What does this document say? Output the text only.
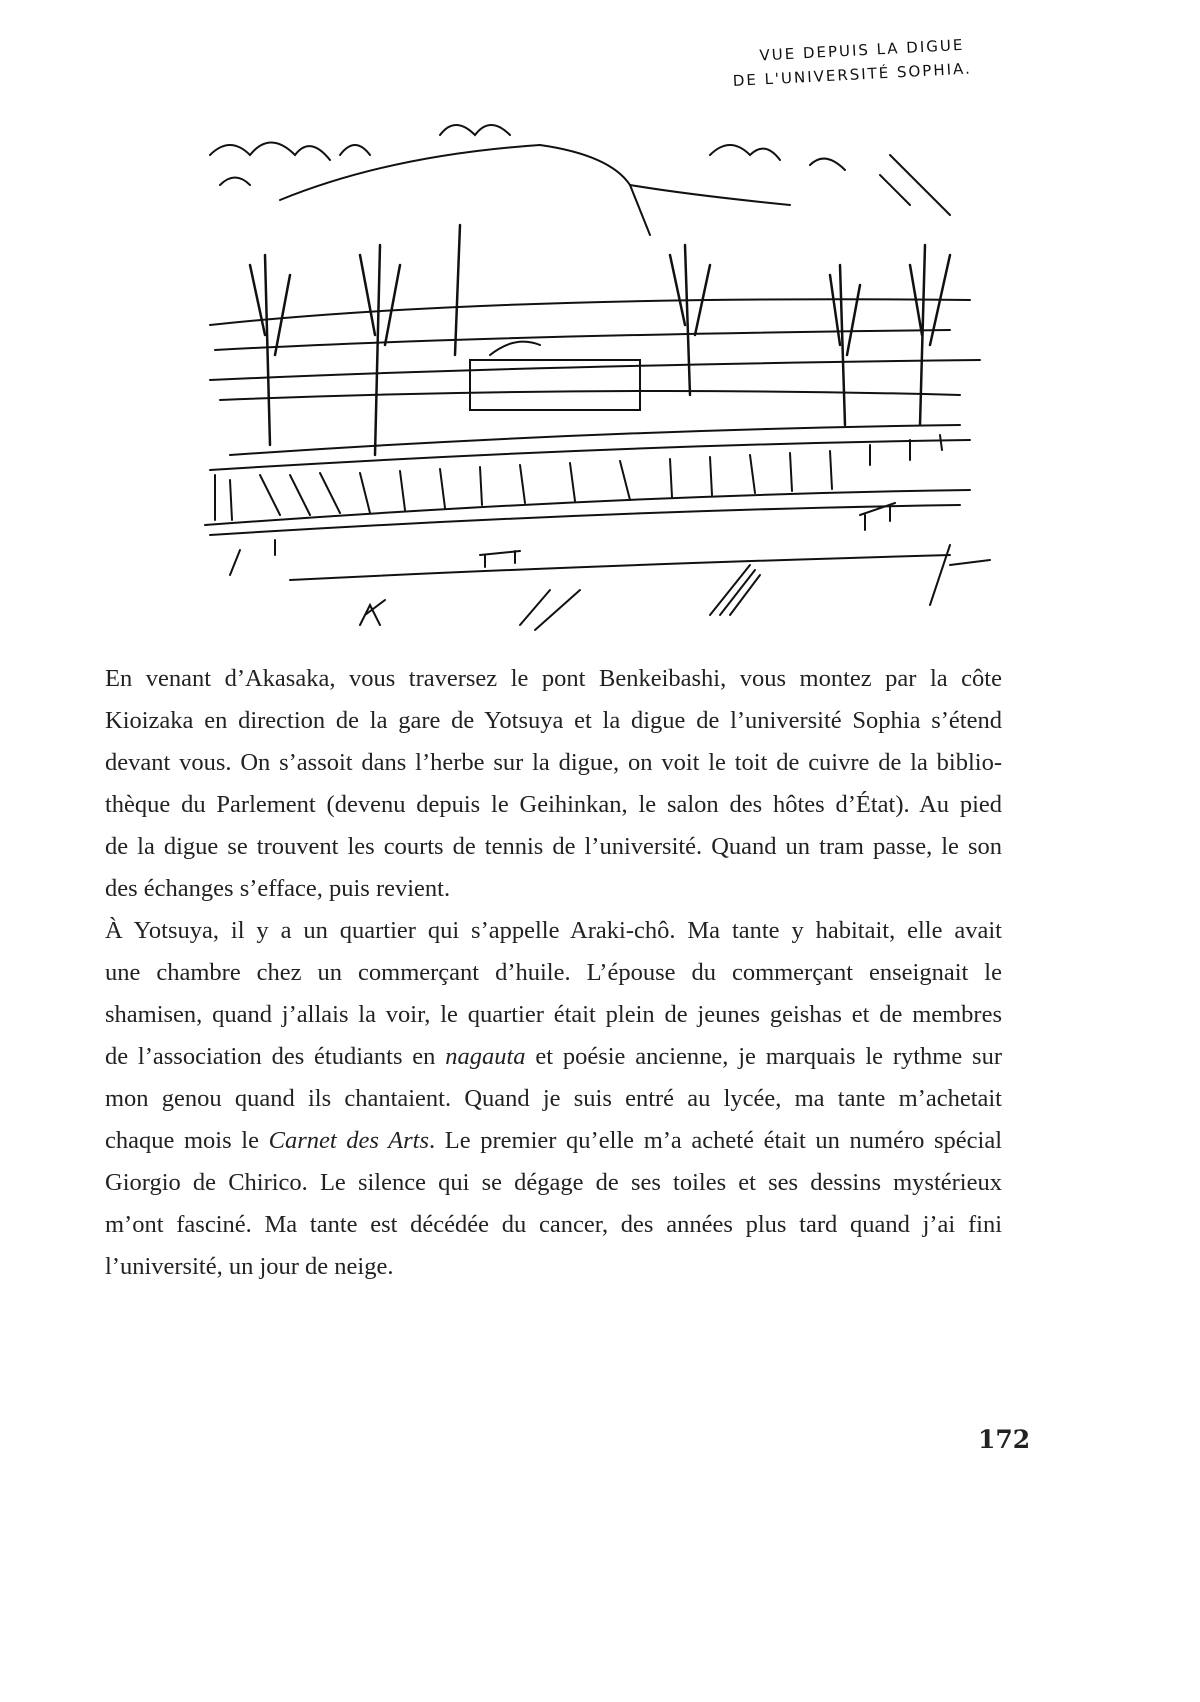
VUE DEPUIS LA DIGUE
DE L'UNIVERSITÉ SOPHIA.
En venant d’Akasaka, vous traversez le pont Benkeibashi, vous montez par la côte
Kioizaka en direction de la gare de Yotsuya et la digue de l’université Sophia s’étend
devant vous. On s’assoit dans l’herbe sur la digue, on voit le toit de cuivre de la biblio-
thèque du Parlement (devenu depuis le Geihinkan, le salon des hôtes d’État). Au pied
de la digue se trouvent les courts de tennis de l’université. Quand un tram passe, le son
des échanges s’efface, puis revient.
À Yotsuya, il y a un quartier qui s’appelle Araki-chô. Ma tante y habitait, elle avait
une chambre chez un commerçant d’huile. L’épouse du commerçant enseignait le
shamisen, quand j’allais la voir, le quartier était plein de jeunes geishas et de membres
de l’association des étudiants en nagauta et poésie ancienne, je marquais le rythme sur
mon genou quand ils chantaient. Quand je suis entré au lycée, ma tante m’achetait
chaque mois le Carnet des Arts. Le premier qu’elle m’a acheté était un numéro spécial
Giorgio de Chirico. Le silence qui se dégage de ses toiles et ses dessins mystérieux
m’ont fasciné. Ma tante est décédée du cancer, des années plus tard quand j’ai fini
l’université, un jour de neige.
172
